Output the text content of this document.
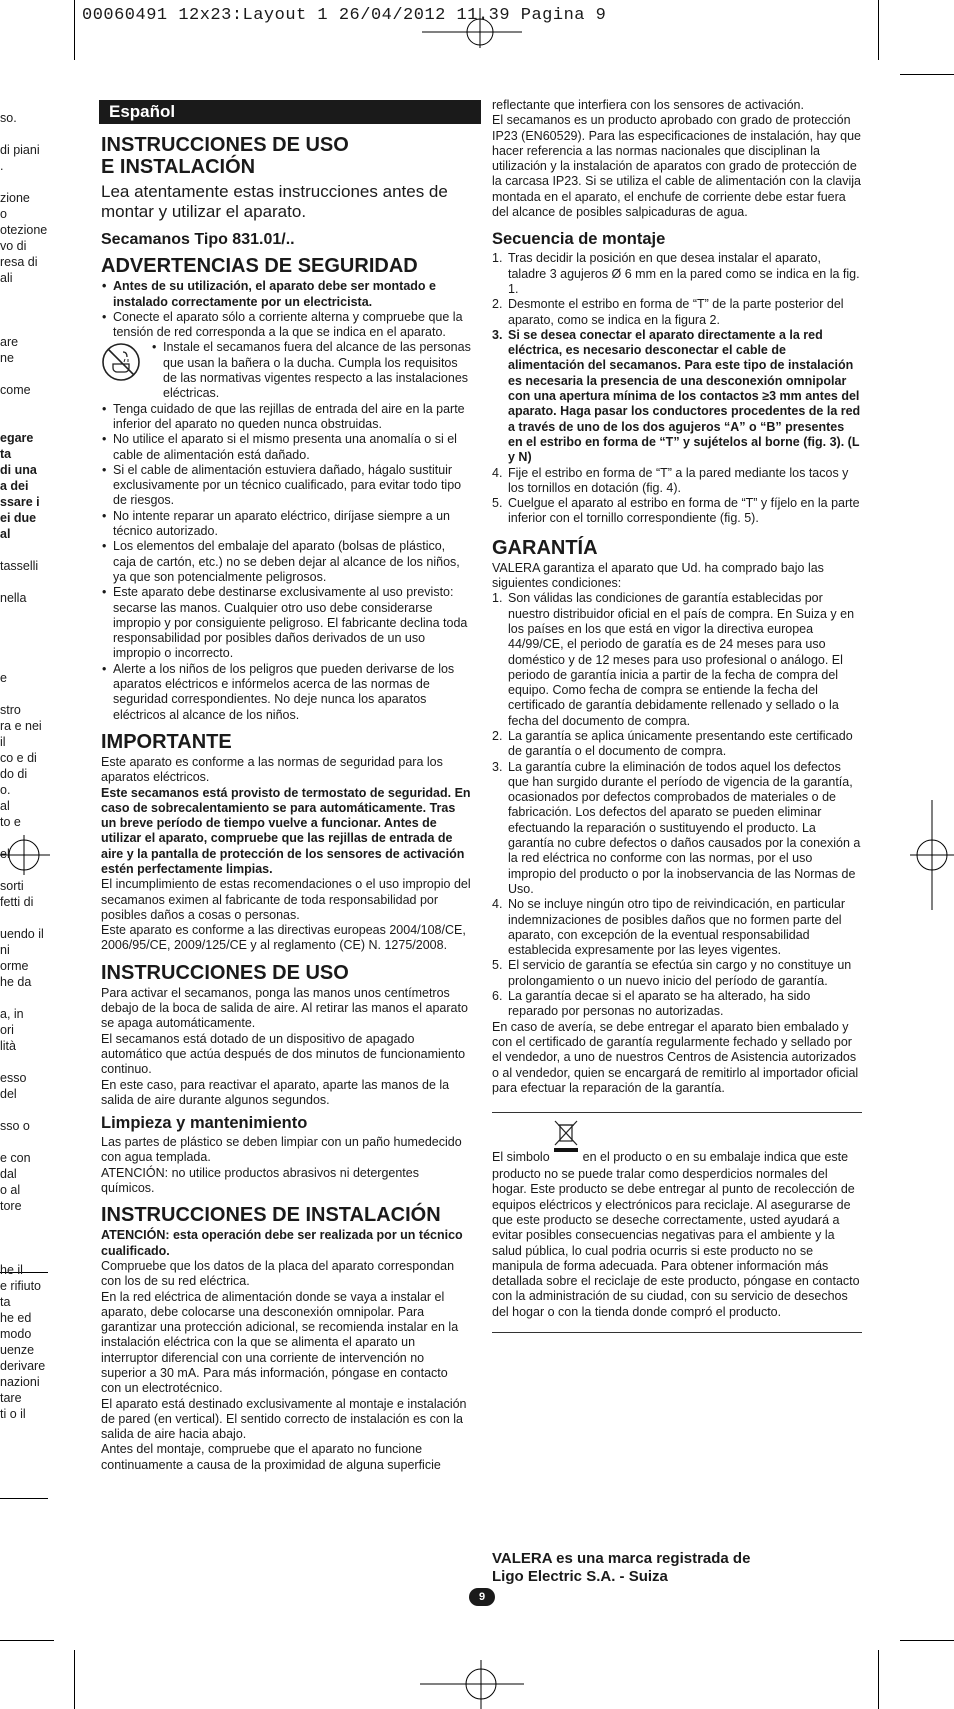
00060491 12x23:Layout 1 26/04/2012 11.39 Pagina 9
so.
di piani
.
zione
o
otezione
vo di
resa di
ali
are
ne
come
egare
ta
di una
a dei
ssare i
ei due
al
tasselli
nella
e
stro
ra e nei
il
co e di
do di
o.
al
to e
el
sorti
fetti di
uendo il
ni
orme
he da
a, in
ori
lità
esso
del
sso o
e con
dal
o al
tore
he il
e rifiuto
ta
he ed
modo
uenze
derivare
nazioni
tare
ti o il
Español
INSTRUCCIONES DE USO
E INSTALACIÓN

Lea atentamente estas instrucciones antes de montar y utilizar el aparato.

Secamanos Tipo 831.01/..
ADVERTENCIAS DE SEGURIDAD
• Antes de su utilización, el aparato debe ser montado e instalado correctamente por un electricista.
• Conecte el aparato sólo a corriente alterna y compruebe que la tensión de red corresponda a la que se indica en el aparato.
• Instale el secamanos fuera del alcance de las personas que usan la bañera o la ducha. Cumpla los requisitos de las normativas vigentes respecto a las instalaciones eléctricas.
• Tenga cuidado de que las rejillas de entrada del aire en la parte inferior del aparato no queden nunca obstruidas.
• No utilice el aparato si el mismo presenta una anomalía o si el cable de alimentación está dañado.
• Si el cable de alimentación estuviera dañado, hágalo sustituir exclusivamente por un técnico cualificado, para evitar todo tipo de riesgos.
• No intente reparar un aparato eléctrico, diríjase siempre a un técnico autorizado.
• Los elementos del embalaje del aparato (bolsas de plástico, caja de cartón, etc.) no se deben dejar al alcance de los niños, ya que son potencialmente peligrosos.
• Este aparato debe destinarse exclusivamente al uso previsto: secarse las manos. Cualquier otro uso debe considerarse impropio y por consiguiente peligroso. El fabricante declina toda responsabilidad por posibles daños derivados de un uso impropio o incorrecto.
• Alerte a los niños de los peligros que pueden derivarse de los aparatos eléctricos e infórmelos acerca de las normas de seguridad correspondientes. No deje nunca los aparatos eléctricos al alcance de los niños.
IMPORTANTE

Este aparato es conforme a las normas de seguridad para los aparatos eléctricos.

Este secamanos está provisto de termostato de seguridad. En caso de sobrecalentamiento se para automáticamente. Tras un breve período de tiempo vuelve a funcionar. Antes de utilizar el aparato, compruebe que las rejillas de entrada de aire y la pantalla de protección de los sensores de activación estén perfectamente limpias.

El incumplimiento de estas recomendaciones o el uso impropio del secamanos eximen al fabricante de toda responsabilidad por posibles daños a cosas o personas.

Este aparato es conforme a las directivas europeas 2004/108/CE, 2006/95/CE, 2009/125/CE y al reglamento (CE) N. 1275/2008.

INSTRUCCIONES DE USO

Para activar el secamanos, ponga las manos unos centímetros debajo de la boca de salida de aire. Al retirar las manos el aparato se apaga automáticamente.

El secamanos está dotado de un dispositivo de apagado automático que actúa después de dos minutos de funcionamiento continuo.

En este caso, para reactivar el aparato, aparte las manos de la salida de aire durante algunos segundos.

Limpieza y mantenimiento

Las partes de plástico se deben limpiar con un paño humedecido con agua templada.

ATENCIÓN: no utilice productos abrasivos ni detergentes químicos.

INSTRUCCIONES DE INSTALACIÓN

ATENCIÓN: esta operación debe ser realizada por un técnico cualificado.

Compruebe que los datos de la placa del aparato correspondan con los de su red eléctrica.

En la red eléctrica de alimentación donde se vaya a instalar el aparato, debe colocarse una desconexión omnipolar. Para garantizar una protección adicional, se recomienda instalar en la instalación eléctrica con la que se alimenta el aparato un interruptor diferencial con una corriente de intervención no superior a 30 mA. Para más información, póngase en contacto con un electrotécnico.

El aparato está destinado exclusivamente al montaje e instalación de pared (en vertical). El sentido correcto de instalación es con la salida de aire hacia abajo.

Antes del montaje, compruebe que el aparato no funcione continuamente a causa de la proximidad de alguna superficie

reflectante que interfiera con los sensores de activación.

El secamanos es un producto aprobado con grado de protección IP23 (EN60529). Para las especificaciones de instalación, hay que hacer referencia a las normas nacionales que disciplinan la utilización y la instalación de aparatos con grado de protección de la carcasa IP23. Si se utiliza el cable de alimentación con la clavija montada en el aparato, el enchufe de corriente debe estar fuera del alcance de posibles salpicaduras de agua.

Secuencia de montaje
1. Tras decidir la posición en que desea instalar el aparato, taladre 3 agujeros Ø 6 mm en la pared como se indica en la fig. 1.
2. Desmonte el estribo en forma de “T” de la parte posterior del aparato, como se indica en la figura 2.
3. Si se desea conectar el aparato directamente a la red eléctrica, es necesario desconectar el cable de alimentación del secamanos. Para este tipo de instalación es necesaria la presencia de una desconexión omnipolar con una apertura mínima de los contactos ≥3 mm antes del aparato. Haga pasar los conductores procedentes de la red a través de uno de los dos agujeros “A” o “B” presentes en el estribo en forma de “T” y sujételos al borne (fig. 3). (L y N)
4. Fije el estribo en forma de “T” a la pared mediante los tacos y los tornillos en dotación (fig. 4).
5. Cuelgue el aparato al estribo en forma de “T” y fíjelo en la parte inferior con el tornillo correspondiente (fig. 5).
GARANTÍA

VALERA garantiza el aparato que Ud. ha comprado bajo las siguientes condiciones:

1. Son válidas las condiciones de garantía establecidas por nuestro distribuidor oficial en el país de compra. En Suiza y en los países en los que está en vigor la directiva europea 44/99/CE, el periodo de garatía es de 24 meses para uso doméstico y de 12 meses para uso profesional o análogo. El periodo de garantía inicia a partir de la fecha de compra del equipo. Como fecha de compra se entiende la fecha del certificado de garantía debidamente rellenado y sellado o la fecha del documento de compra.
2. La garantía se aplica únicamente presentando este certificado de garantía o el documento de compra.
3. La garantía cubre la eliminación de todos aquel los defectos que han surgido durante el período de vigencia de la garantía, ocasionados por defectos comprobados de materiales o de fabricación. Los defectos del aparato se pueden eliminar efectuando la reparación o sustituyendo el producto. La garantía no cubre defectos o daños causados por la conexión a la red eléctrica no conforme con las normas, por el uso impropio del producto o por la inobservancia de las Normas de Uso.
4. No se incluye ningún otro tipo de reivindicación, en particular indemnizaciones de posibles daños que no formen parte del aparato, con excepción de la eventual responsabilidad establecida expresamente por las leyes vigentes.
5. El servicio de garantía se efectúa sin cargo y no constituye un prolongamiento o un nuevo inicio del período de garantía.
6. La garantía decae si el aparato se ha alterado, ha sido reparado por personas no autorizadas.

En caso de avería, se debe entregar el aparato bien embalado y con el certificado de garantía regularmente fechado y sellado por el vendedor, a uno de nuestros Centros de Asistencia autorizados o al vendedor, quien se encargará de remitirlo al importador oficial para efectuar la reparación de la garantía.

El simbolo  en el producto o en su embalaje indica que este producto no se puede tralar como desperdicios normales del hogar. Este producto se debe entregar al punto de recolección de equipos eléctricos y electrónicos para reciclaje. Al asegurarse de que este producto se deseche correctamente, usted ayudará a evitar posibles consecuencias negativas para el ambiente y la salud pública, lo cual podria ocurris si este producto no se manipula de forma adecuada. Para obtener información más detallada sobre el reciclaje de este producto, póngase en contacto con la administración de su ciudad, con su servicio de desechos del hogar o con la tienda donde compró el producto.

VALERA es una marca registrada de
Ligo Electric S.A. - Suiza
9
